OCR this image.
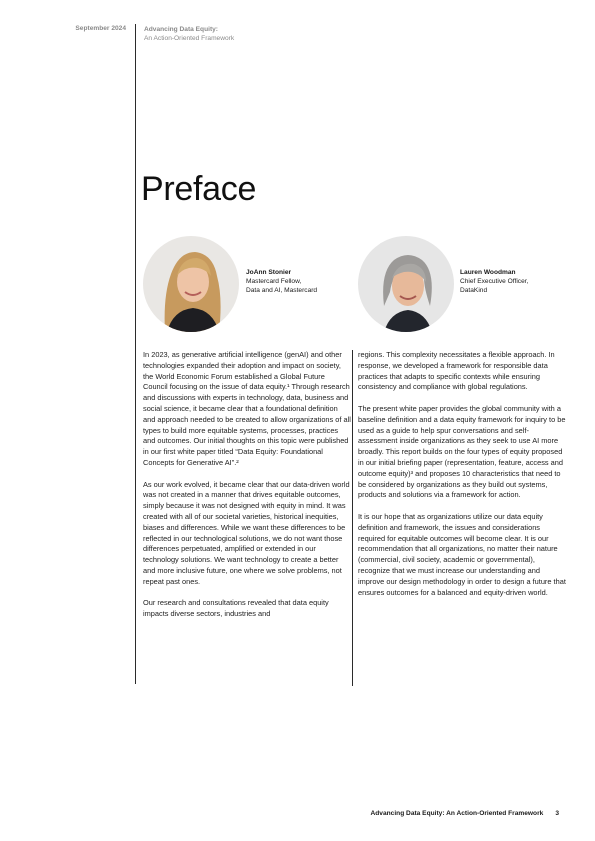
September 2024	Advancing Data Equity:
An Action-Oriented Framework
Preface
JoAnn Stonier
Mastercard Fellow,
Data and AI, Mastercard
Lauren Woodman
Chief Executive Officer,
DataKind

In 2023, as generative artificial intelligence (genAI) and other technologies expanded their adoption and impact on society, the World Economic Forum established a Global Future Council focusing on the issue of data equity.¹ Through research and discussions with experts in technology, data, business and social science, it became clear that a foundational definition and approach needed to be created to allow organizations of all types to build more equitable systems, processes, practices and outcomes. Our initial thoughts on this topic were published in our first white paper titled “Data Equity: Foundational Concepts for Generative AI”.²

As our work evolved, it became clear that our data-driven world was not created in a manner that drives equitable outcomes, simply because it was not designed with equity in mind. It was created with all of our societal varieties, historical inequities, biases and differences. While we want these differences to be reflected in our technological solutions, we do not want those differences perpetuated, amplified or extended in our technology solutions. We want technology to create a better and more inclusive future, one where we solve problems, not repeat past ones.

Our research and consultations revealed that data equity impacts diverse sectors, industries and

regions. This complexity necessitates a flexible approach. In response, we developed a framework for responsible data practices that adapts to specific contexts while ensuring consistency and compliance with global regulations.

The present white paper provides the global community with a baseline definition and a data equity framework for inquiry to be used as a guide to help spur conversations and self-assessment inside organizations as they seek to use AI more broadly. This report builds on the four types of equity proposed in our initial briefing paper (representation, feature, access and outcome equity)³ and proposes 10 characteristics that need to be considered by organizations as they build out systems, products and solutions via a framework for action.

It is our hope that as organizations utilize our data equity definition and framework, the issues and considerations required for equitable outcomes will become clear. It is our recommendation that all organizations, no matter their nature (commercial, civil society, academic or governmental), recognize that we must increase our understanding and improve our design methodology in order to design a future that ensures outcomes for a balanced and equity-driven world.

Advancing Data Equity: An Action-Oriented Framework 3
